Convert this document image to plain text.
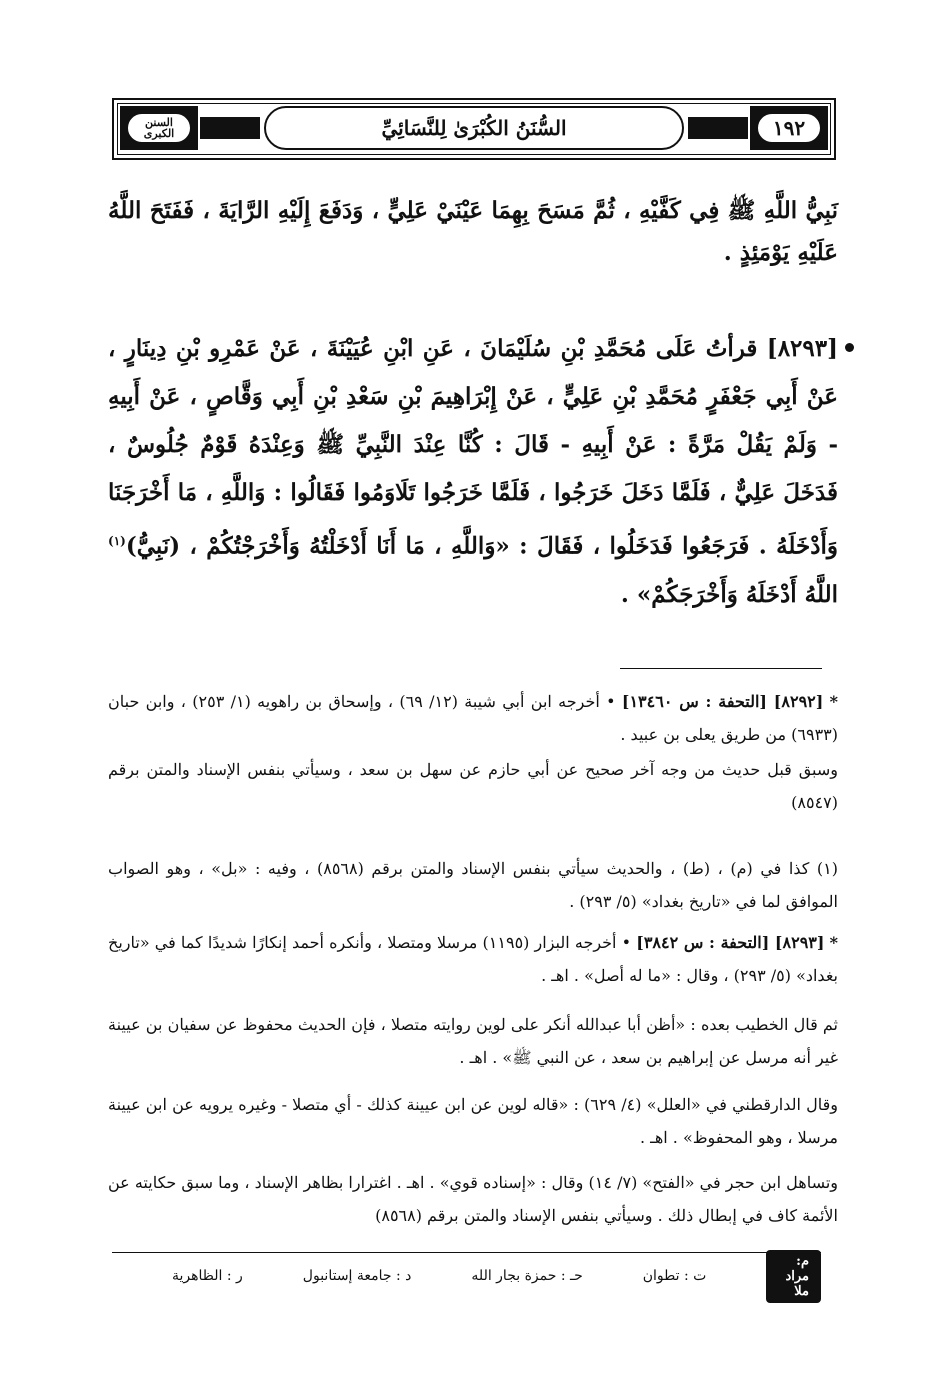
١٩٢
السُّنَنُ الكُبْرَىٰ لِلنَّسَائِيِّ
السنن الكبرى
نَبِيُّ اللَّهِ ﷺ فِي كَفَّيْهِ ، ثُمَّ مَسَحَ بِهِمَا عَيْنَيْ عَلِيٍّ ، وَدَفَعَ إِلَيْهِ الرَّايَةَ ، فَفَتَحَ اللَّهُ عَلَيْهِ يَوْمَئِذٍ .
[٨٢٩٣] قرأتُ عَلَى مُحَمَّدِ بْنِ سُلَيْمَانَ ، عَنِ ابْنِ عُيَيْنَةَ ، عَنْ عَمْرِو بْنِ دِينَارٍ ، عَنْ أَبِي جَعْفَرٍ مُحَمَّدِ بْنِ عَلِيٍّ ، عَنْ إِبْرَاهِيمَ بْنِ سَعْدِ بْنِ أَبِي وَقَّاصٍ ، عَنْ أَبِيهِ - وَلَمْ يَقُلْ مَرَّةً : عَنْ أَبِيهِ - قَالَ : كُنَّا عِنْدَ النَّبِيِّ ﷺ وَعِنْدَهُ قَوْمٌ جُلُوسٌ ، فَدَخَلَ عَلِيٌّ ، فَلَمَّا دَخَلَ خَرَجُوا ، فَلَمَّا خَرَجُوا تَلَاوَمُوا فَقَالُوا : وَاللَّهِ ، مَا أَخْرَجَنَا وَأَدْخَلَهُ . فَرَجَعُوا فَدَخَلُوا ، فَقَالَ : «وَاللَّهِ ، مَا أَنَا أَدْخَلْتُهُ وَأَخْرَجْتُكُمْ ، (نَبِيُّ)$^{(١)}$ اللَّهُ أَدْخَلَهُ وَأَخْرَجَكُمْ» .
* [٨٢٩٢] [التحفة : س ١٣٤٦٠] • أخرجه ابن أبي شيبة (١٢/ ٦٩) ، وإسحاق بن راهويه (١/ ٢٥٣) ، وابن حبان (٦٩٣٣) من طريق يعلى بن عبيد .
وسبق قبل حديث من وجه آخر صحيح عن أبي حازم عن سهل بن سعد ، وسيأتي بنفس الإسناد والمتن برقم (٨٥٤٧)
(١) كذا في (م) ، (ط) ، والحديث سيأتي بنفس الإسناد والمتن برقم (٨٥٦٨) ، وفيه : «بل» ، وهو الصواب الموافق لما في «تاريخ بغداد» (٥/ ٢٩٣) .
* [٨٢٩٣] [التحفة : س ٣٨٤٢] • أخرجه البزار (١١٩٥) مرسلا ومتصلا ، وأنكره أحمد إنكارًا شديدًا كما في «تاريخ بغداد» (٥/ ٢٩٣) ، وقال : «ما له أصل» . اهـ .
ثم قال الخطيب بعده : «أظن أبا عبدالله أنكر على لوين روايته متصلا ، فإن الحديث محفوظ عن سفيان بن عيينة غير أنه مرسل عن إبراهيم بن سعد ، عن النبي ﷺ» . اهـ .
وقال الدارقطني في «العلل» (٤/ ٦٢٩) : «قاله لوين عن ابن عيينة كذلك - أي متصلا - وغيره يرويه عن ابن عيينة مرسلا ، وهو المحفوظ» . اهـ .
وتساهل ابن حجر في «الفتح» (٧/ ١٤) وقال : «إسناده قوي» . اهـ . اغترارا بظاهر الإسناد ، وما سبق حكايته عن الأئمة كاف في إبطال ذلك . وسيأتي بنفس الإسناد والمتن برقم (٨٥٦٨)
م: مراد ملا
ت : تطوان
حـ : حمزة بجار الله
د : جامعة إستانبول
ر : الظاهرية
